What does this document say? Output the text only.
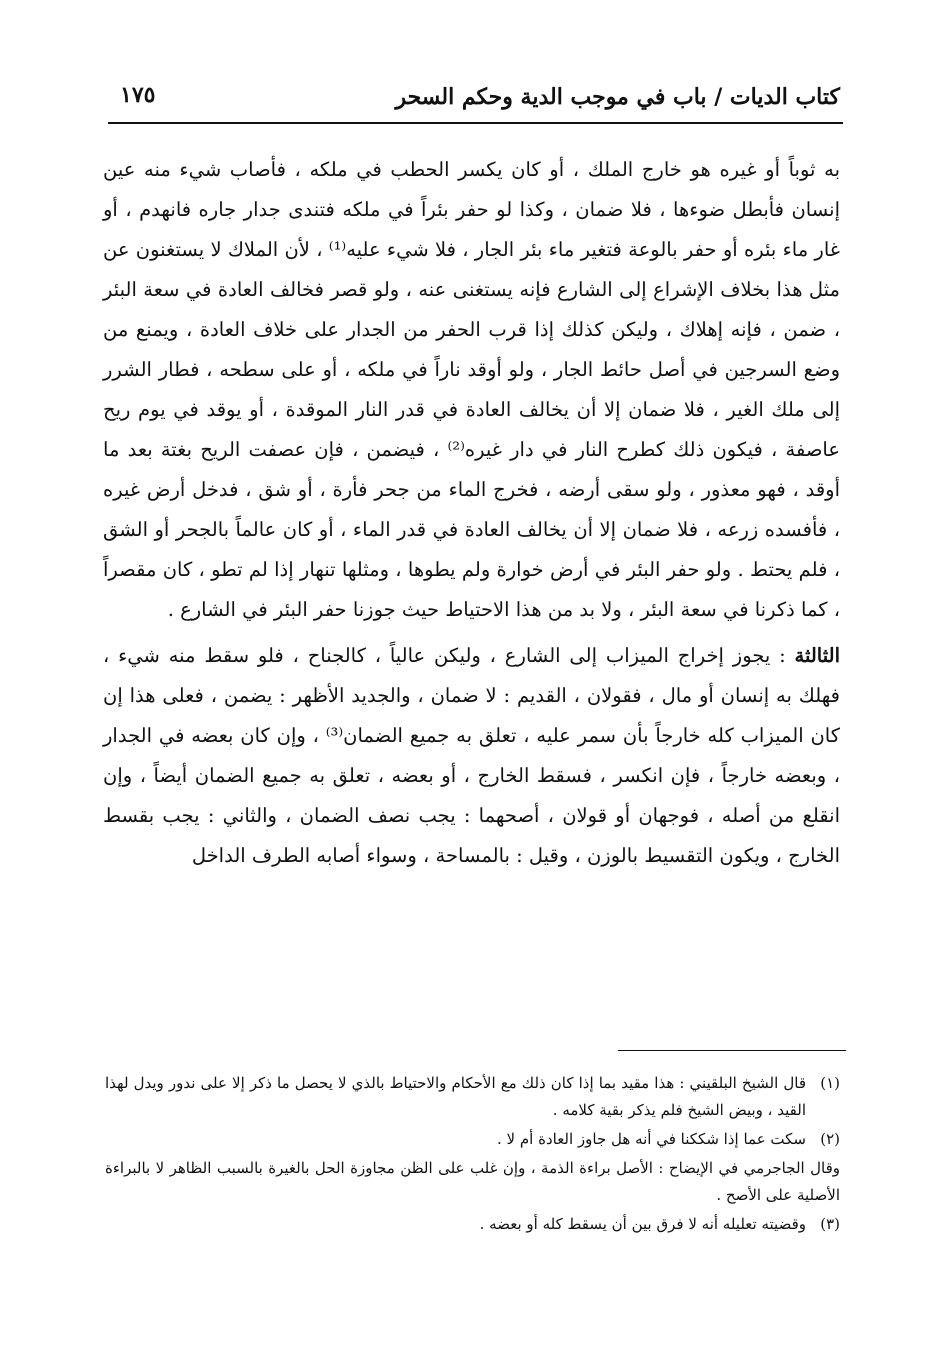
كتاب الديات / باب في موجب الدية وحكم السحر
١٧٥

به ثوباً أو غيره هو خارج الملك ، أو كان يكسر الحطب في ملكه ، فأصاب شيء منه عين إنسان فأبطل ضوءها ، فلا ضمان ، وكذا لو حفر بئراً في ملكه فتندى جدار جاره فانهدم ، أو غار ماء بئره أو حفر بالوعة فتغير ماء بئر الجار ، فلا شيء عليه⁽¹⁾ ، لأن الملاك لا يستغنون عن مثل هذا بخلاف الإشراع إلى الشارع فإنه يستغنى عنه ، ولو قصر فخالف العادة في سعة البئر ، ضمن ، فإنه إهلاك ، وليكن كذلك إذا قرب الحفر من الجدار على خلاف العادة ، ويمنع من وضع السرجين في أصل حائط الجار ، ولو أوقد ناراً في ملكه ، أو على سطحه ، فطار الشرر إلى ملك الغير ، فلا ضمان إلا أن يخالف العادة في قدر النار الموقدة ، أو يوقد في يوم ريح عاصفة ، فيكون ذلك كطرح النار في دار غيره⁽²⁾ ، فيضمن ، فإن عصفت الريح بغتة بعد ما أوقد ، فهو معذور ، ولو سقى أرضه ، فخرج الماء من جحر فأرة ، أو شق ، فدخل أرض غيره ، فأفسده زرعه ، فلا ضمان إلا أن يخالف العادة في قدر الماء ، أو كان عالماً بالجحر أو الشق ، فلم يحتط . ولو حفر البئر في أرض خوارة ولم يطوها ، ومثلها تنهار إذا لم تطو ، كان مقصراً ، كما ذكرنا في سعة البئر ، ولا بد من هذا الاحتياط حيث جوزنا حفر البئر في الشارع .

الثالثة : يجوز إخراج الميزاب إلى الشارع ، وليكن عالياً ، كالجناح ، فلو سقط منه شيء ، فهلك به إنسان أو مال ، فقولان ، القديم : لا ضمان ، والجديد الأظهر : يضمن ، فعلى هذا إن كان الميزاب كله خارجاً بأن سمر عليه ، تعلق به جميع الضمان⁽³⁾ ، وإن كان بعضه في الجدار ، وبعضه خارجاً ، فإن انكسر ، فسقط الخارج ، أو بعضه ، تعلق به جميع الضمان أيضاً ، وإن انقلع من أصله ، فوجهان أو قولان ، أصحهما : يجب نصف الضمان ، والثاني : يجب بقسط الخارج ، ويكون التقسيط بالوزن ، وقيل : بالمساحة ، وسواء أصابه الطرف الداخل

(١)
قال الشيخ البلقيني : هذا مقيد بما إذا كان ذلك مع الأحكام والاحتياط بالذي لا يحصل ما ذكر إلا على ندور ويدل لهذا القيد ، وبيض الشيخ فلم يذكر بقية كلامه .
(٢)
سكت عما إذا شككنا في أنه هل جاوز العادة أم لا .
وقال الجاجرمي في الإيضاح : الأصل براءة الذمة ، وإن غلب على الظن مجاوزة الحل بالغيرة بالسبب الظاهر لا بالبراءة الأصلية على الأصح .
(٣)
وقضيته تعليله أنه لا فرق بين أن يسقط كله أو بعضه .
